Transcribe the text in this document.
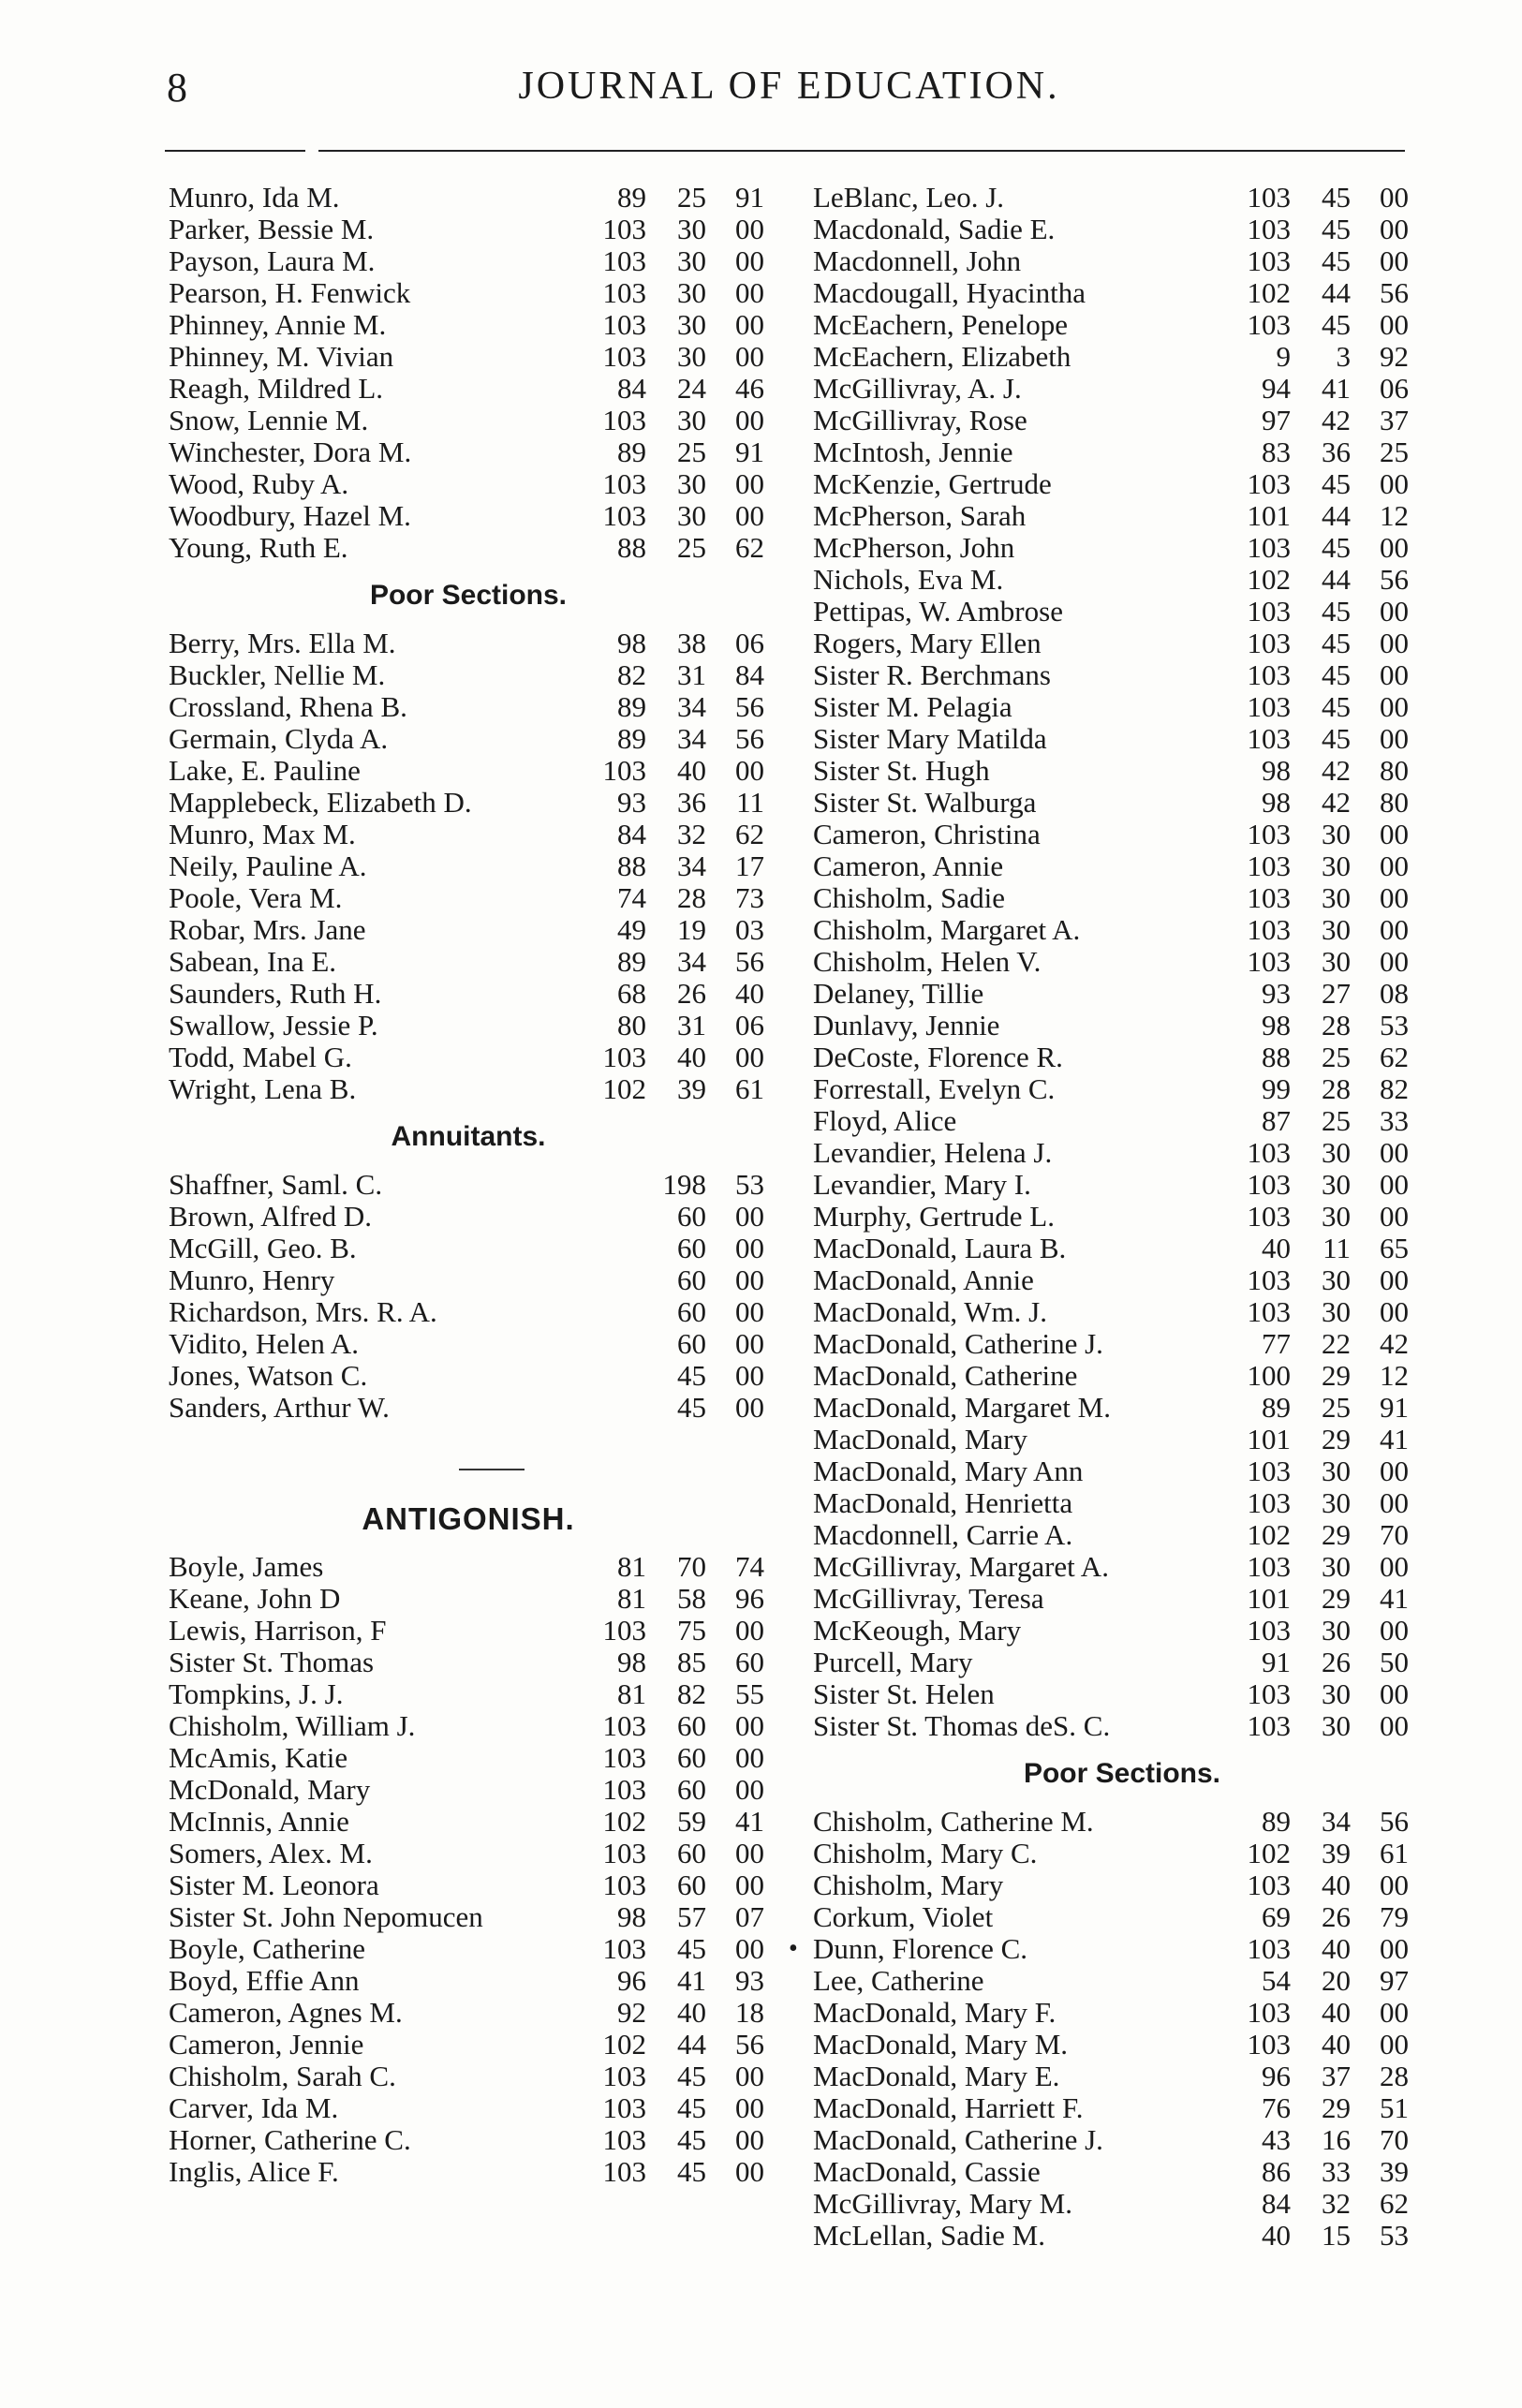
8	JOURNAL OF EDUCATION.
Munro, Ida M.	89	25	91
Parker, Bessie M.	103	30	00
Payson, Laura M.	103	30	00
Pearson, H. Fenwick	103	30	00
Phinney, Annie M.	103	30	00
Phinney, M. Vivian	103	30	00
Reagh, Mildred L.	84	24	46
Snow, Lennie M.	103	30	00
Winchester, Dora M.	89	25	91
Wood, Ruby A.	103	30	00
Woodbury, Hazel M.	103	30	00
Young, Ruth E.	88	25	62
Poor Sections.
Berry, Mrs. Ella M.	98	38	06
Buckler, Nellie M.	82	31	84
Crossland, Rhena B.	89	34	56
Germain, Clyda A.	89	34	56
Lake, E. Pauline	103	40	00
Mapplebeck, Elizabeth D.	93	36	11
Munro, Max M.	84	32	62
Neily, Pauline A.	88	34	17
Poole, Vera M.	74	28	73
Robar, Mrs. Jane	49	19	03
Sabean, Ina E.	89	34	56
Saunders, Ruth H.	68	26	40
Swallow, Jessie P.	80	31	06
Todd, Mabel G.	103	40	00
Wright, Lena B.	102	39	61
Annuitants.
Shaffner, Saml. C.	198	53
Brown, Alfred D.	60	00
McGill, Geo. B.	60	00
Munro, Henry	60	00
Richardson, Mrs. R. A.	60	00
Vidito, Helen A.	60	00
Jones, Watson C.	45	00
Sanders, Arthur W.	45	00
ANTIGONISH.
Boyle, James	81	70	74
Keane, John D	81	58	96
Lewis, Harrison, F	103	75	00
Sister St. Thomas	98	85	60
Tompkins, J. J.	81	82	55
Chisholm, William J.	103	60	00
McAmis, Katie	103	60	00
McDonald, Mary	103	60	00
McInnis, Annie	102	59	41
Somers, Alex. M.	103	60	00
Sister M. Leonora	103	60	00
Sister St. John Nepomucen	98	57	07
Boyle, Catherine	103	45	00
Boyd, Effie Ann	96	41	93
Cameron, Agnes M.	92	40	18
Cameron, Jennie	102	44	56
Chisholm, Sarah C.	103	45	00
Carver, Ida M.	103	45	00
Horner, Catherine C.	103	45	00
Inglis, Alice F.	103	45	00
LeBlanc, Leo. J.	103	45	00
Macdonald, Sadie E.	103	45	00
Macdonnell, John	103	45	00
Macdougall, Hyacintha	102	44	56
McEachern, Penelope	103	45	00
McEachern, Elizabeth	9	3	92
McGillivray, A. J.	94	41	06
McGillivray, Rose	97	42	37
McIntosh, Jennie	83	36	25
McKenzie, Gertrude	103	45	00
McPherson, Sarah	101	44	12
McPherson, John	103	45	00
Nichols, Eva M.	102	44	56
Pettipas, W. Ambrose	103	45	00
Rogers, Mary Ellen	103	45	00
Sister R. Berchmans	103	45	00
Sister M. Pelagia	103	45	00
Sister Mary Matilda	103	45	00
Sister St. Hugh	98	42	80
Sister St. Walburga	98	42	80
Cameron, Christina	103	30	00
Cameron, Annie	103	30	00
Chisholm, Sadie	103	30	00
Chisholm, Margaret A.	103	30	00
Chisholm, Helen V.	103	30	00
Delaney, Tillie	93	27	08
Dunlavy, Jennie	98	28	53
DeCoste, Florence R.	88	25	62
Forrestall, Evelyn C.	99	28	82
Floyd, Alice	87	25	33
Levandier, Helena J.	103	30	00
Levandier, Mary I.	103	30	00
Murphy, Gertrude L.	103	30	00
MacDonald, Laura B.	40	11	65
MacDonald, Annie	103	30	00
MacDonald, Wm. J.	103	30	00
MacDonald, Catherine J.	77	22	42
MacDonald, Catherine	100	29	12
MacDonald, Margaret M.	89	25	91
MacDonald, Mary	101	29	41
MacDonald, Mary Ann	103	30	00
MacDonald, Henrietta	103	30	00
Macdonnell, Carrie A.	102	29	70
McGillivray, Margaret A.	103	30	00
McGillivray, Teresa	101	29	41
McKeough, Mary	103	30	00
Purcell, Mary	91	26	50
Sister St. Helen	103	30	00
Sister St. Thomas deS. C.	103	30	00
Poor Sections.
Chisholm, Catherine M.	89	34	56
Chisholm, Mary C.	102	39	61
Chisholm, Mary	103	40	00
Corkum, Violet	69	26	79
• Dunn, Florence C.	103	40	00
Lee, Catherine	54	20	97
MacDonald, Mary F.	103	40	00
MacDonald, Mary M.	103	40	00
MacDonald, Mary E.	96	37	28
MacDonald, Harriett F.	76	29	51
MacDonald, Catherine J.	43	16	70
MacDonald, Cassie	86	33	39
McGillivray, Mary M.	84	32	62
McLellan, Sadie M.	40	15	53
